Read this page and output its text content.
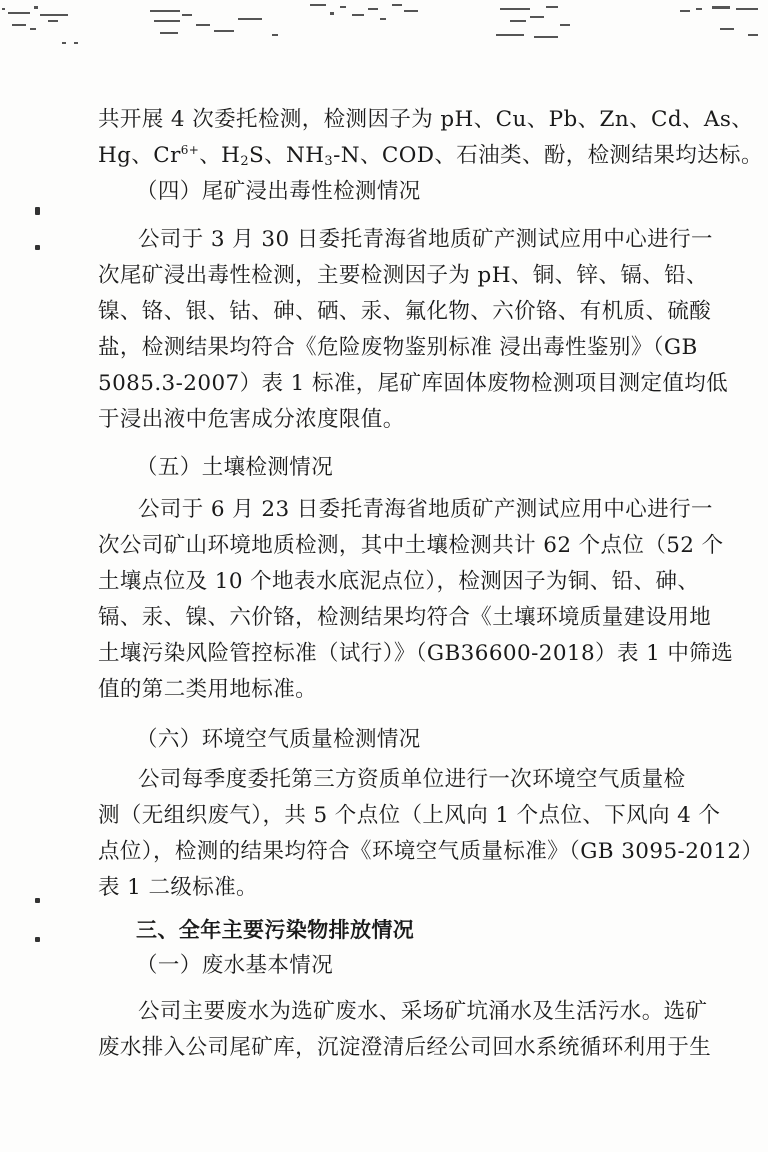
共开展 4 次委托检测，检测因子为 pH、Cu、Pb、Zn、Cd、As、
Hg、$Cr^{6+}$、$H_2S$、$NH_3-N$、COD、石油类、酚，检测结果均达标。
（四）尾矿浸出毒性检测情况
公司于 3 月 30 日委托青海省地质矿产测试应用中心进行一
次尾矿浸出毒性检测，主要检测因子为 pH、铜、锌、镉、铅、
镍、铬、银、钴、砷、硒、汞、氟化物、六价铬、有机质、硫酸
盐，检测结果均符合《危险废物鉴别标准 浸出毒性鉴别》（GB
5085.3-2007）表 1 标准，尾矿库固体废物检测项目测定值均低
于浸出液中危害成分浓度限值。
（五）土壤检测情况
公司于 6 月 23 日委托青海省地质矿产测试应用中心进行一
次公司矿山环境地质检测，其中土壤检测共计 62 个点位（52 个
土壤点位及 10 个地表水底泥点位），检测因子为铜、铅、砷、
镉、汞、镍、六价铬，检测结果均符合《土壤环境质量建设用地
土壤污染风险管控标准（试行）》（GB36600-2018）表 1 中筛选
值的第二类用地标准。
（六）环境空气质量检测情况
公司每季度委托第三方资质单位进行一次环境空气质量检
测（无组织废气），共 5 个点位（上风向 1 个点位、下风向 4 个
点位），检测的结果均符合《环境空气质量标准》（GB 3095-2012）
表 1 二级标准。
三、全年主要污染物排放情况
（一）废水基本情况
公司主要废水为选矿废水、采场矿坑涌水及生活污水。选矿
废水排入公司尾矿库，沉淀澄清后经公司回水系统循环利用于生
